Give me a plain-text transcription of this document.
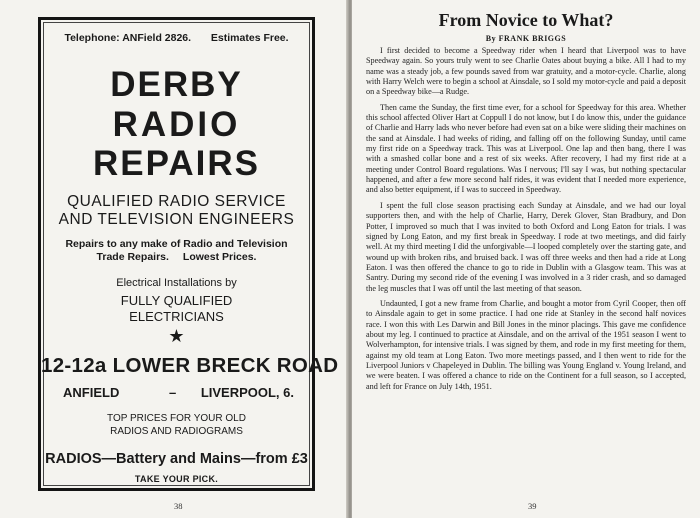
Telephone: ANField 2826. Estimates Free.
DERBY
RADIO
REPAIRS
QUALIFIED RADIO SERVICE
AND TELEVISION ENGINEERS
Repairs to any make of Radio and Television
Trade Repairs. Lowest Prices.
Electrical Installations by
FULLY QUALIFIED
ELECTRICIANS
★
12-12a LOWER BRECK ROAD
ANFIELD	– LIVERPOOL, 6.
TOP PRICES FOR YOUR OLD
RADIOS AND RADIOGRAMS
RADIOS—Battery and Mains—from £3
TAKE YOUR PICK.
38
From Novice to What?
By FRANK BRIGGS

I first decided to become a Speedway rider when I heard that Liverpool was to have Speedway again. So yours truly went to see Charlie Oates about buying a bike. All I had to my name was a steady job, a few pounds saved from war gratuity, and a motor-cycle. Charlie, along with Harry Welch were to begin a school at Ainsdale, so I sold my motor-cycle and paid a deposit on a Speedway bike—a Rudge.

Then came the Sunday, the first time ever, for a school for Speedway for this area. Whether this school affected Oliver Hart at Coppull I do not know, but I do know this, under the guidance of Charlie and Harry lads who never before had even sat on a bike were sliding their machines on the sand at Ainsdale. I had weeks of riding, and falling off on the following Sunday, until came my first ride on a Speedway track. This was at Liverpool. One lap and then bang, there I was with a smashed collar bone and a rest of six weeks. After recovery, I had my first ride at a meeting under Control Board regulations. Was I nervous; I'll say I was, but nothing spectacular happened, and after a few more second half rides, it was evident that I needed more experience, and also better equipment, if I was to succeed in Speedway.

I spent the full close season practising each Sunday at Ainsdale, and we had our loyal supporters then, and with the help of Charlie, Harry, Derek Glover, Stan Bradbury, and Don Potter, I improved so much that I was invited to both Oxford and Long Eaton for trials. I was signed by Long Eaton, and my first break in Speedway. I rode at two meetings, and did fairly well. At my third meeting I did the unforgivable—I looped completely over the starting gate, and wound up with broken ribs, and bruised back. I was off three weeks and then had a ride at Long Eaton. I was then offered the chance to go to ride in Dublin with a Glasgow team. This was at Santry. During my second ride of the evening I was involved in a 3 rider crash, and so damaged the leg muscles that I was off until the last meeting of that season.

Undaunted, I got a new frame from Charlie, and bought a motor from Cyril Cooper, then off to Ainsdale again to get in some practice. I had one ride at Stanley in the second half novices race. I won this with Les Darwin and Bill Jones in the minor placings. This gave me confidence about my leg. I continued to practice at Ainsdale, and on the arrival of the 1951 season I went to Wolverhampton, for intensive trials. I was signed by them, and rode in my first meeting for them, against my old team at Long Eaton. Two more meetings passed, and I then went to ride for the Liverpool Juniors v Chapeleyed in Dublin. The billing was Young England v. Young Ireland, and we were beaten. I was offered a chance to ride on the Continent for a full season, so I accepted, and left for France on July 14th, 1951.

39
